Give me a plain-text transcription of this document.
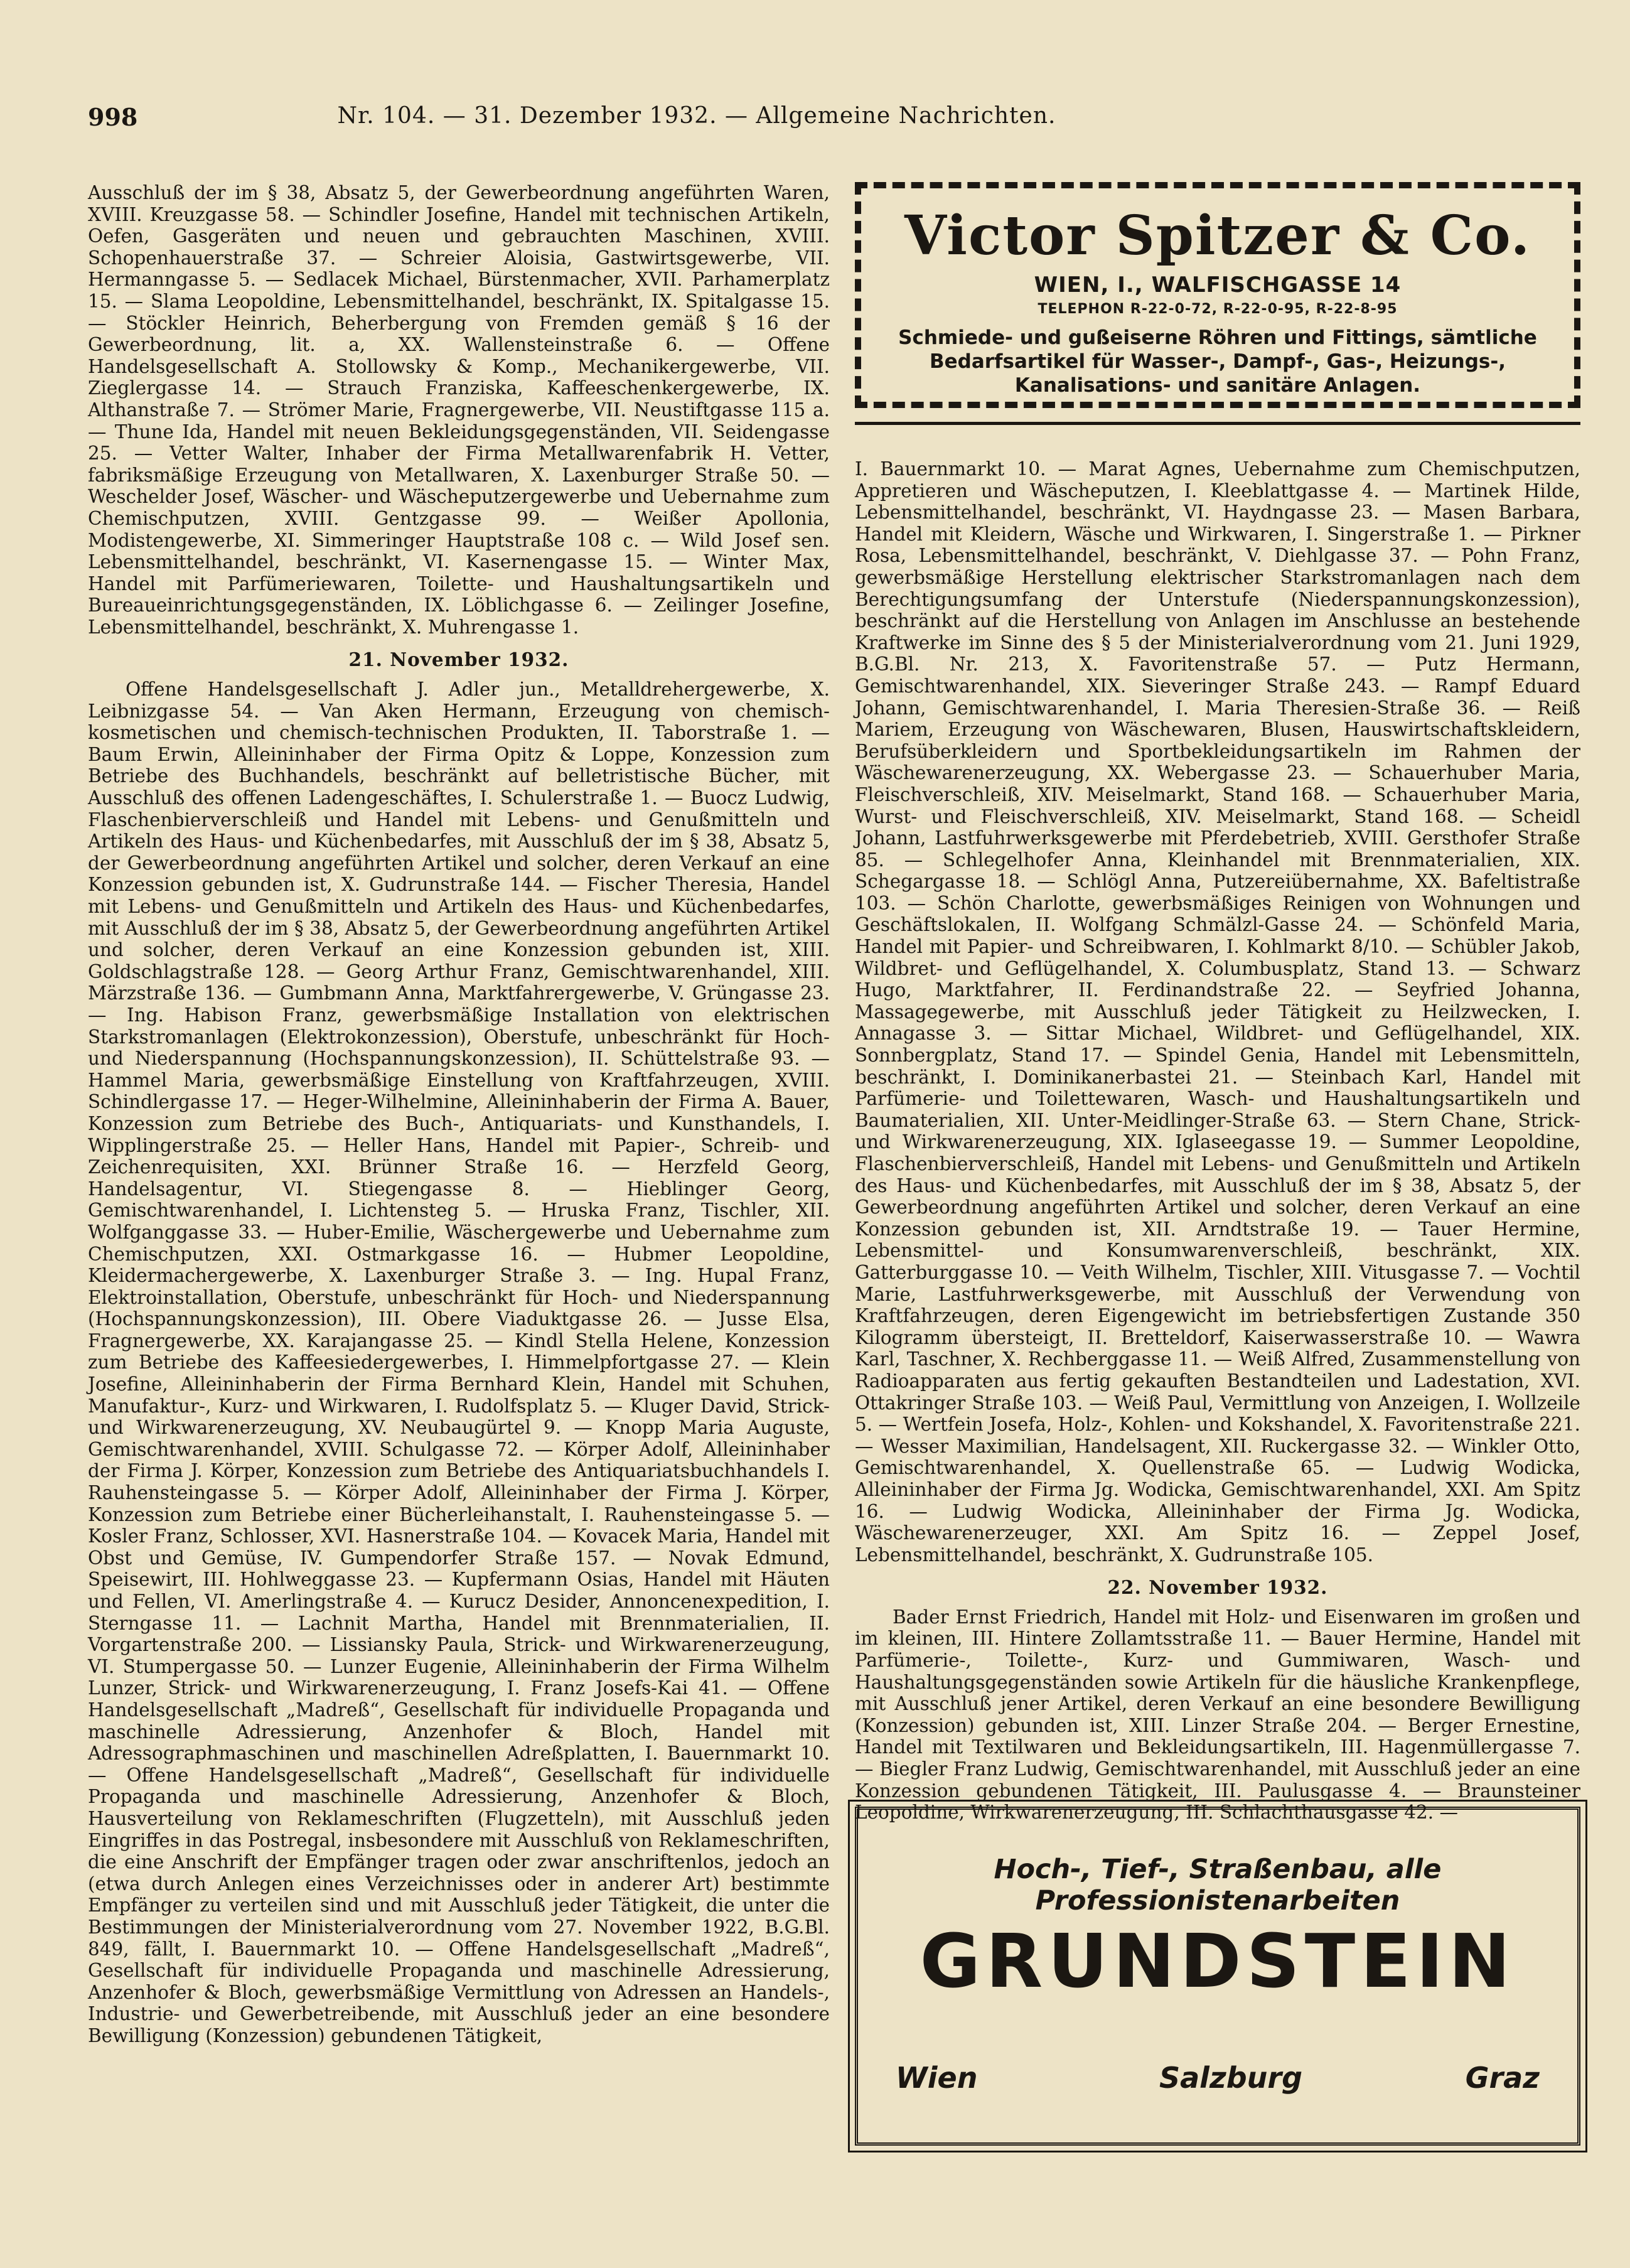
998	Nr. 104. — 31. Dezember 1932. — Allgemeine Nachrichten.

Ausschluß der im § 38, Absatz 5, der Gewerbeordnung angeführten Waren, XVIII. Kreuzgasse 58. — Schindler Josefine, Handel mit technischen Artikeln, Oefen, Gasgeräten und neuen und gebrauchten Maschinen, XVIII. Schopenhauerstraße 37. — Schreier Aloisia, Gastwirtsgewerbe, VII. Hermanngasse 5. — Sedlacek Michael, Bürstenmacher, XVII. Parhamerplatz 15. — Slama Leopoldine, Lebensmittelhandel, beschränkt, IX. Spitalgasse 15. — Stöckler Heinrich, Beherbergung von Fremden gemäß § 16 der Gewerbeordnung, lit. a, XX. Wallensteinstraße 6. — Offene Handelsgesellschaft A. Stollowsky & Komp., Mechanikergewerbe, VII. Zieglergasse 14. — Strauch Franziska, Kaffeeschenkergewerbe, IX. Althanstraße 7. — Strömer Marie, Fragnergewerbe, VII. Neustiftgasse 115 a. — Thune Ida, Handel mit neuen Bekleidungsgegenständen, VII. Seidengasse 25. — Vetter Walter, Inhaber der Firma Metallwarenfabrik H. Vetter, fabriksmäßige Erzeugung von Metallwaren, X. Laxenburger Straße 50. — Weschelder Josef, Wäscher- und Wäscheputzergewerbe und Uebernahme zum Chemischputzen, XVIII. Gentzgasse 99. — Weißer Apollonia, Modistengewerbe, XI. Simmeringer Hauptstraße 108 c. — Wild Josef sen. Lebensmittelhandel, beschränkt, VI. Kasernengasse 15. — Winter Max, Handel mit Parfümeriewaren, Toilette- und Haushaltungsartikeln und Bureaueinrichtungsgegenständen, IX. Löblichgasse 6. — Zeilinger Josefine, Lebensmittelhandel, beschränkt, X. Muhrengasse 1.

21. November 1932.

Offene Handelsgesellschaft J. Adler jun., Metalldrehergewerbe, X. Leibnizgasse 54. — Van Aken Hermann, Erzeugung von chemisch-kosmetischen und chemisch-technischen Produkten, II. Taborstraße 1. — Baum Erwin, Alleininhaber der Firma Opitz & Loppe, Konzession zum Betriebe des Buchhandels, beschränkt auf belletristische Bücher, mit Ausschluß des offenen Ladengeschäftes, I. Schulerstraße 1. — Buocz Ludwig, Flaschenbierverschleiß und Handel mit Lebens- und Genußmitteln und Artikeln des Haus- und Küchenbedarfes, mit Ausschluß der im § 38, Absatz 5, der Gewerbeordnung angeführten Artikel und solcher, deren Verkauf an eine Konzession gebunden ist, X. Gudrunstraße 144. — Fischer Theresia, Handel mit Lebens- und Genußmitteln und Artikeln des Haus- und Küchenbedarfes, mit Ausschluß der im § 38, Absatz 5, der Gewerbeordnung angeführten Artikel und solcher, deren Verkauf an eine Konzession gebunden ist, XIII. Goldschlagstraße 128. — Georg Arthur Franz, Gemischtwarenhandel, XIII. Märzstraße 136. — Gumbmann Anna, Marktfahrergewerbe, V. Grüngasse 23. — Ing. Habison Franz, gewerbsmäßige Installation von elektrischen Starkstromanlagen (Elektrokonzession), Oberstufe, unbeschränkt für Hoch- und Niederspannung (Hochspannungskonzession), II. Schüttelstraße 93. — Hammel Maria, gewerbsmäßige Einstellung von Kraftfahrzeugen, XVIII. Schindlergasse 17. — Heger-Wilhelmine, Alleininhaberin der Firma A. Bauer, Konzession zum Betriebe des Buch-, Antiquariats- und Kunsthandels, I. Wipplingerstraße 25. — Heller Hans, Handel mit Papier-, Schreib- und Zeichenrequisiten, XXI. Brünner Straße 16. — Herzfeld Georg, Handelsagentur, VI. Stiegengasse 8. — Hieblinger Georg, Gemischtwarenhandel, I. Lichtensteg 5. — Hruska Franz, Tischler, XII. Wolfganggasse 33. — Huber-Emilie, Wäschergewerbe und Uebernahme zum Chemischputzen, XXI. Ostmarkgasse 16. — Hubmer Leopoldine, Kleidermachergewerbe, X. Laxenburger Straße 3. — Ing. Hupal Franz, Elektroinstallation, Oberstufe, unbeschränkt für Hoch- und Niederspannung (Hochspannungskonzession), III. Obere Viaduktgasse 26. — Jusse Elsa, Fragnergewerbe, XX. Karajangasse 25. — Kindl Stella Helene, Konzession zum Betriebe des Kaffeesiedergewerbes, I. Himmelpfortgasse 27. — Klein Josefine, Alleininhaberin der Firma Bernhard Klein, Handel mit Schuhen, Manufaktur-, Kurz- und Wirkwaren, I. Rudolfsplatz 5. — Kluger David, Strick- und Wirkwarenerzeugung, XV. Neubaugürtel 9. — Knopp Maria Auguste, Gemischtwarenhandel, XVIII. Schulgasse 72. — Körper Adolf, Alleininhaber der Firma J. Körper, Konzession zum Betriebe des Antiquariatsbuchhandels I. Rauhensteingasse 5. — Körper Adolf, Alleininhaber der Firma J. Körper, Konzession zum Betriebe einer Bücherleihanstalt, I. Rauhensteingasse 5. — Kosler Franz, Schlosser, XVI. Hasnerstraße 104. — Kovacek Maria, Handel mit Obst und Gemüse, IV. Gumpendorfer Straße 157. — Novak Edmund, Speisewirt, III. Hohlweggasse 23. — Kupfermann Osias, Handel mit Häuten und Fellen, VI. Amerlingstraße 4. — Kurucz Desider, Annoncenexpedition, I. Sterngasse 11. — Lachnit Martha, Handel mit Brennmaterialien, II. Vorgartenstraße 200. — Lissiansky Paula, Strick- und Wirkwarenerzeugung, VI. Stumpergasse 50. — Lunzer Eugenie, Alleininhaberin der Firma Wilhelm Lunzer, Strick- und Wirkwarenerzeugung, I. Franz Josefs-Kai 41. — Offene Handelsgesellschaft „Madreß“, Gesellschaft für individuelle Propaganda und maschinelle Adressierung, Anzenhofer & Bloch, Handel mit Adressographmaschinen und maschinellen Adreßplatten, I. Bauernmarkt 10. — Offene Handelsgesellschaft „Madreß“, Gesellschaft für individuelle Propaganda und maschinelle Adressierung, Anzenhofer & Bloch, Hausverteilung von Reklameschriften (Flugzetteln), mit Ausschluß jeden Eingriffes in das Postregal, insbesondere mit Ausschluß von Reklameschriften, die eine Anschrift der Empfänger tragen oder zwar anschriftenlos, jedoch an (etwa durch Anlegen eines Verzeichnisses oder in anderer Art) bestimmte Empfänger zu verteilen sind und mit Ausschluß jeder Tätigkeit, die unter die Bestimmungen der Ministerialverordnung vom 27. November 1922, B.G.Bl. 849, fällt, I. Bauernmarkt 10. — Offene Handelsgesellschaft „Madreß“, Gesellschaft für individuelle Propaganda und maschinelle Adressierung, Anzenhofer & Bloch, gewerbsmäßige Vermittlung von Adressen an Handels-, Industrie- und Gewerbetreibende, mit Ausschluß jeder an eine besondere Bewilligung (Konzession) gebundenen Tätigkeit,

Victor Spitzer & Co.
WIEN, I., WALFISCHGASSE 14
TELEPHON R-22-0-72, R-22-0-95, R-22-8-95
Schmiede- und gußeiserne Röhren und Fittings, sämtliche Bedarfsartikel für Wasser-, Dampf-, Gas-, Heizungs-, Kanalisations- und sanitäre Anlagen.

I. Bauernmarkt 10. — Marat Agnes, Uebernahme zum Chemischputzen, Appretieren und Wäscheputzen, I. Kleeblattgasse 4. — Martinek Hilde, Lebensmittelhandel, beschränkt, VI. Haydngasse 23. — Masen Barbara, Handel mit Kleidern, Wäsche und Wirkwaren, I. Singerstraße 1. — Pirkner Rosa, Lebensmittelhandel, beschränkt, V. Diehlgasse 37. — Pohn Franz, gewerbsmäßige Herstellung elektrischer Starkstromanlagen nach dem Berechtigungsumfang der Unterstufe (Niederspannungskonzession), beschränkt auf die Herstellung von Anlagen im Anschlusse an bestehende Kraftwerke im Sinne des § 5 der Ministerialverordnung vom 21. Juni 1929, B.G.Bl. Nr. 213, X. Favoritenstraße 57. — Putz Hermann, Gemischtwarenhandel, XIX. Sieveringer Straße 243. — Rampf Eduard Johann, Gemischtwarenhandel, I. Maria Theresien-Straße 36. — Reiß Mariem, Erzeugung von Wäschewaren, Blusen, Hauswirtschaftskleidern, Berufsüberkleidern und Sportbekleidungsartikeln im Rahmen der Wäschewarenerzeugung, XX. Webergasse 23. — Schauerhuber Maria, Fleischverschleiß, XIV. Meiselmarkt, Stand 168. — Schauerhuber Maria, Wurst- und Fleischverschleiß, XIV. Meiselmarkt, Stand 168. — Scheidl Johann, Lastfuhrwerksgewerbe mit Pferdebetrieb, XVIII. Gersthofer Straße 85. — Schlegelhofer Anna, Kleinhandel mit Brennmaterialien, XIX. Schegargasse 18. — Schlögl Anna, Putzereiübernahme, XX. Bafeltistraße 103. — Schön Charlotte, gewerbsmäßiges Reinigen von Wohnungen und Geschäftslokalen, II. Wolfgang Schmälzl-Gasse 24. — Schönfeld Maria, Handel mit Papier- und Schreibwaren, I. Kohlmarkt 8/10. — Schübler Jakob, Wildbret- und Geflügelhandel, X. Columbusplatz, Stand 13. — Schwarz Hugo, Marktfahrer, II. Ferdinandstraße 22. — Seyfried Johanna, Massagegewerbe, mit Ausschluß jeder Tätigkeit zu Heilzwecken, I. Annagasse 3. — Sittar Michael, Wildbret- und Geflügelhandel, XIX. Sonnbergplatz, Stand 17. — Spindel Genia, Handel mit Lebensmitteln, beschränkt, I. Dominikanerbastei 21. — Steinbach Karl, Handel mit Parfümerie- und Toilettewaren, Wasch- und Haushaltungsartikeln und Baumaterialien, XII. Unter-Meidlinger-Straße 63. — Stern Chane, Strick- und Wirkwarenerzeugung, XIX. Iglaseegasse 19. — Summer Leopoldine, Flaschenbierverschleiß, Handel mit Lebens- und Genußmitteln und Artikeln des Haus- und Küchenbedarfes, mit Ausschluß der im § 38, Absatz 5, der Gewerbeordnung angeführten Artikel und solcher, deren Verkauf an eine Konzession gebunden ist, XII. Arndtstraße 19. — Tauer Hermine, Lebensmittel- und Konsumwarenverschleiß, beschränkt, XIX. Gatterburggasse 10. — Veith Wilhelm, Tischler, XIII. Vitusgasse 7. — Vochtil Marie, Lastfuhrwerksgewerbe, mit Ausschluß der Verwendung von Kraftfahrzeugen, deren Eigengewicht im betriebsfertigen Zustande 350 Kilogramm übersteigt, II. Bretteldorf, Kaiserwasserstraße 10. — Wawra Karl, Taschner, X. Rechberggasse 11. — Weiß Alfred, Zusammenstellung von Radioapparaten aus fertig gekauften Bestandteilen und Ladestation, XVI. Ottakringer Straße 103. — Weiß Paul, Vermittlung von Anzeigen, I. Wollzeile 5. — Wertfein Josefa, Holz-, Kohlen- und Kokshandel, X. Favoritenstraße 221. — Wesser Maximilian, Handelsagent, XII. Ruckergasse 32. — Winkler Otto, Gemischtwarenhandel, X. Quellenstraße 65. — Ludwig Wodicka, Alleininhaber der Firma Jg. Wodicka, Gemischtwarenhandel, XXI. Am Spitz 16. — Ludwig Wodicka, Alleininhaber der Firma Jg. Wodicka, Wäschewarenerzeuger, XXI. Am Spitz 16. — Zeppel Josef, Lebensmittelhandel, beschränkt, X. Gudrunstraße 105.

22. November 1932.

Bader Ernst Friedrich, Handel mit Holz- und Eisenwaren im großen und im kleinen, III. Hintere Zollamtsstraße 11. — Bauer Hermine, Handel mit Parfümerie-, Toilette-, Kurz- und Gummiwaren, Wasch- und Haushaltungsgegenständen sowie Artikeln für die häusliche Krankenpflege, mit Ausschluß jener Artikel, deren Verkauf an eine besondere Bewilligung (Konzession) gebunden ist, XIII. Linzer Straße 204. — Berger Ernestine, Handel mit Textilwaren und Bekleidungsartikeln, III. Hagenmüllergasse 7. — Biegler Franz Ludwig, Gemischtwarenhandel, mit Ausschluß jeder an eine Konzession gebundenen Tätigkeit, III. Paulusgasse 4. — Braunsteiner Leopoldine, Wirkwarenerzeugung, III. Schlachthausgasse 42. —

Hoch-, Tief-, Straßenbau, alle Professionistenarbeiten
GRUNDSTEIN
Wien	Salzburg	Graz
